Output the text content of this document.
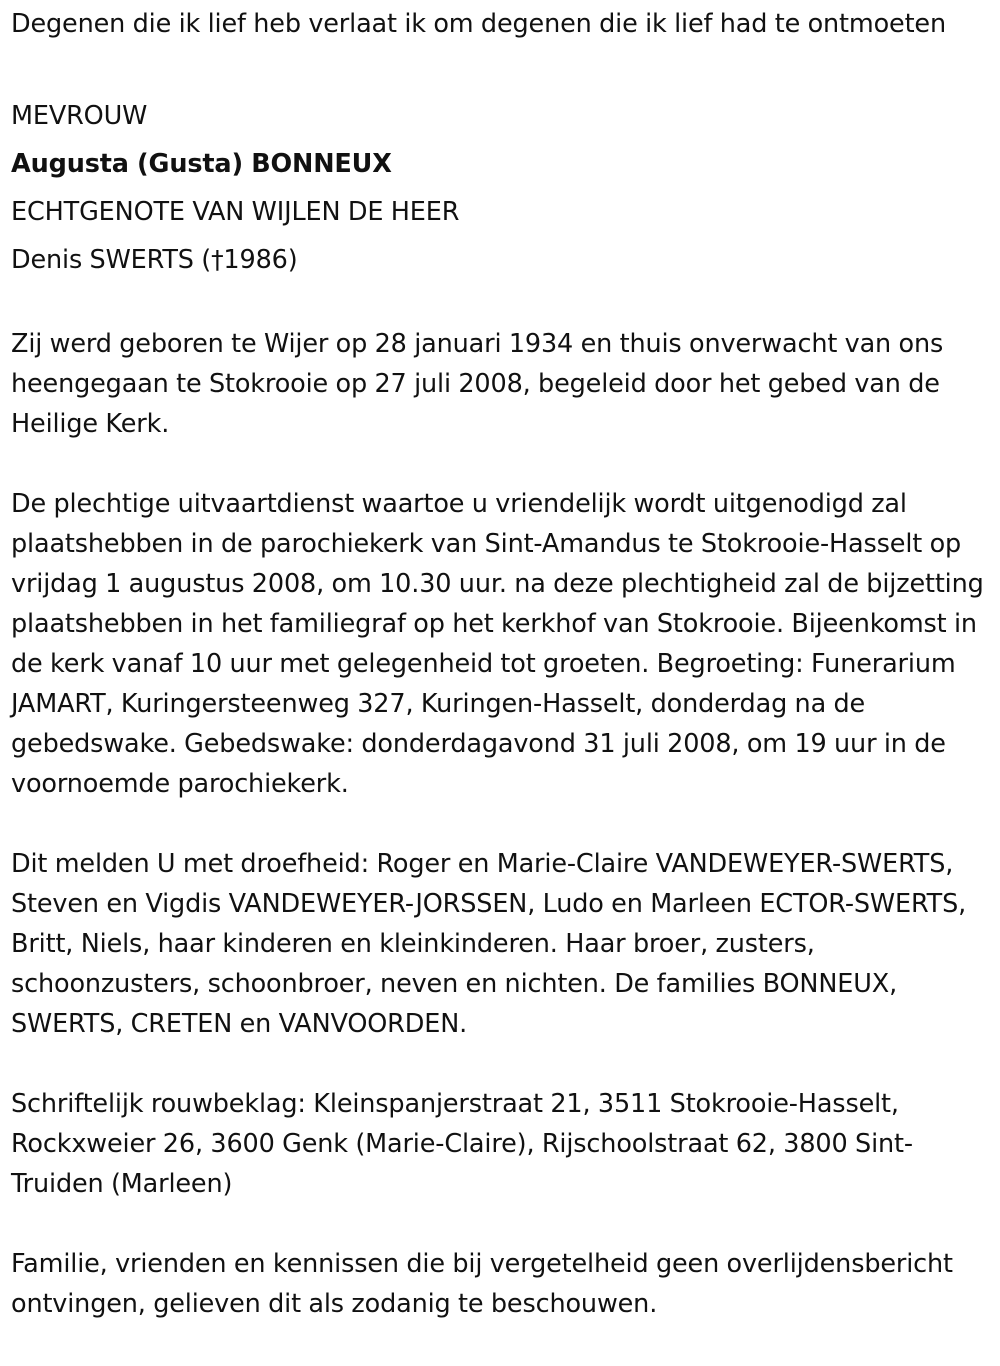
Degenen die ik lief heb verlaat ik om degenen die ik lief had te ontmoeten

MEVROUW

Augusta (Gusta) BONNEUX

ECHTGENOTE VAN WIJLEN DE HEER

Denis SWERTS (†1986)

Zij werd geboren te Wijer op 28 januari 1934 en thuis onverwacht van ons heengegaan te Stokrooie op 27 juli 2008, begeleid door het gebed van de Heilige Kerk.

De plechtige uitvaartdienst waartoe u vriendelijk wordt uitgenodigd zal plaatshebben in de parochiekerk van Sint-Amandus te Stokrooie-Hasselt op vrijdag 1 augustus 2008, om 10.30 uur. na deze plechtigheid zal de bijzetting plaatshebben in het familiegraf op het kerkhof van Stokrooie. Bijeenkomst in de kerk vanaf 10 uur met gelegenheid tot groeten. Begroeting: Funerarium JAMART, Kuringersteenweg 327, Kuringen-Hasselt, donderdag na de gebedswake. Gebedswake: donderdagavond 31 juli 2008, om 19 uur in de voornoemde parochiekerk.

Dit melden U met droefheid: Roger en Marie-Claire VANDEWEYER-SWERTS, Steven en Vigdis VANDEWEYER-JORSSEN, Ludo en Marleen ECTOR-SWERTS, Britt, Niels, haar kinderen en kleinkinderen. Haar broer, zusters, schoonzusters, schoonbroer, neven en nichten. De families BONNEUX, SWERTS, CRETEN en VANVOORDEN.

Schriftelijk rouwbeklag: Kleinspanjerstraat 21, 3511 Stokrooie-Hasselt, Rockxweier 26, 3600 Genk (Marie-Claire), Rijschoolstraat 62, 3800 Sint-Truiden (Marleen)

Familie, vrienden en kennissen die bij vergetelheid geen overlijdensbericht ontvingen, gelieven dit als zodanig te beschouwen.
